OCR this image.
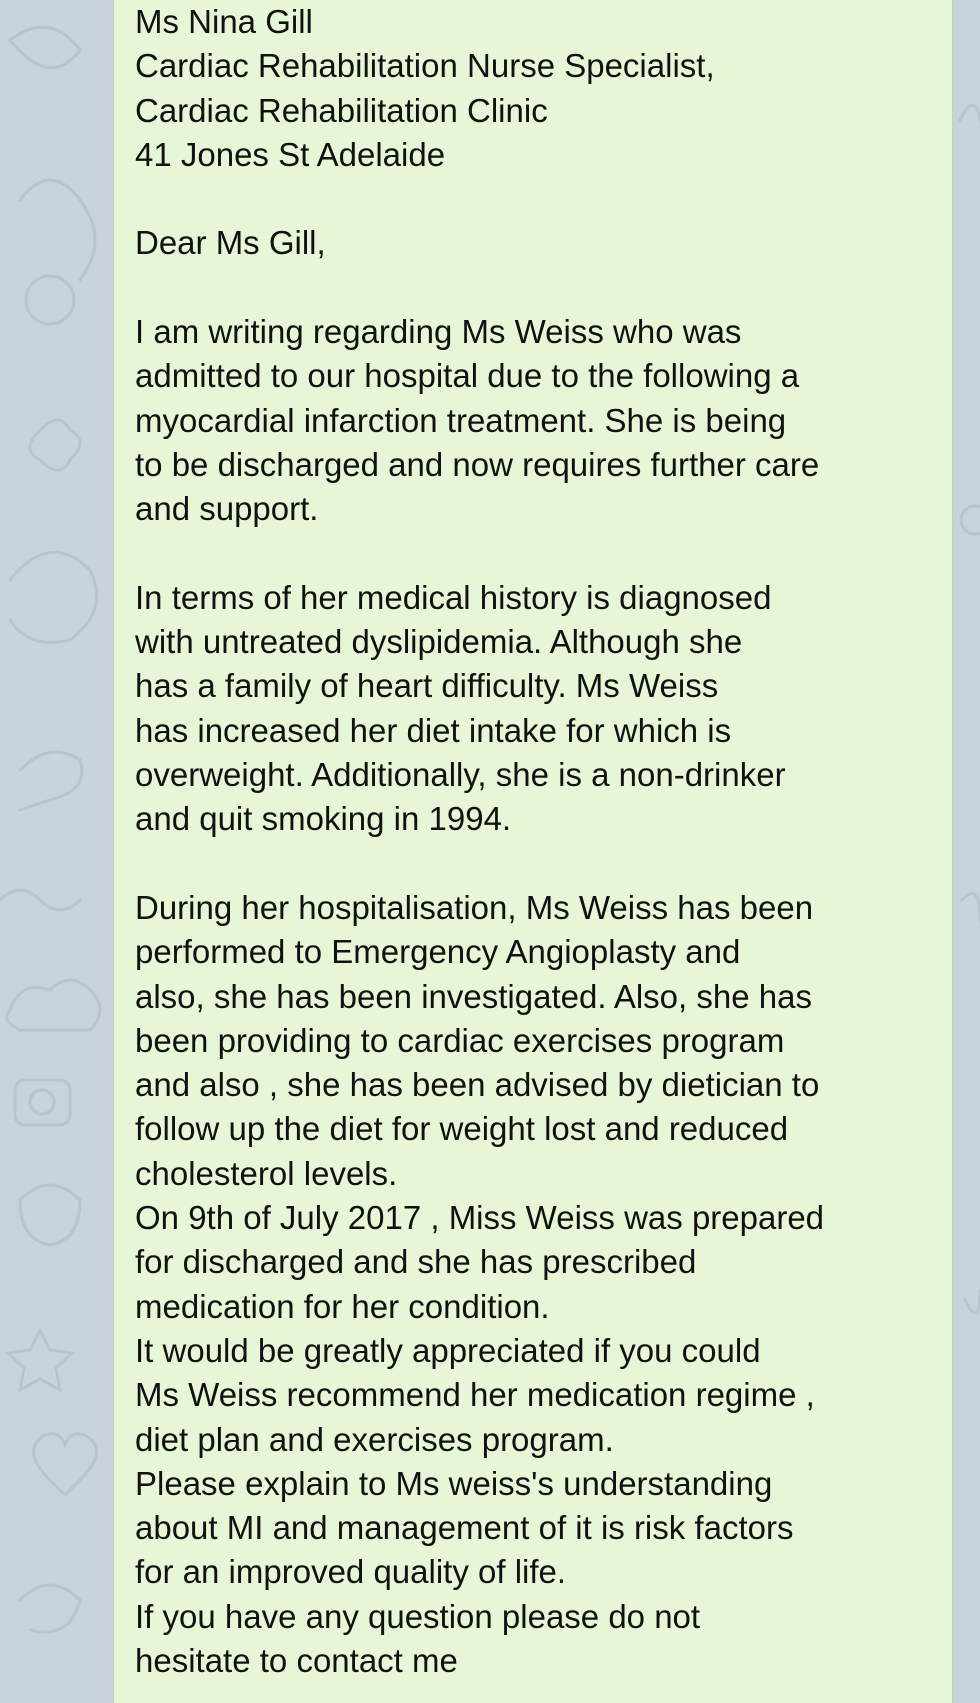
Ms Nina Gill
Cardiac Rehabilitation Nurse Specialist,
Cardiac Rehabilitation Clinic
41 Jones St Adelaide
Dear Ms Gill,
I am writing regarding Ms Weiss who was
admitted to our hospital due to the following a
myocardial infarction treatment. She is being
to be discharged and now requires further care
and support.
In terms of her medical history is diagnosed
with untreated dyslipidemia. Although she
has a family of heart difficulty. Ms Weiss
has increased her diet intake for which is
overweight. Additionally, she is a non-drinker
and quit smoking in 1994.
During her hospitalisation, Ms Weiss has been
performed to Emergency Angioplasty and
also, she has been investigated. Also, she has
been providing to cardiac exercises program
and also , she has been advised by dietician to
follow up the diet for weight lost and reduced
cholesterol levels.
On 9th of July 2017 , Miss Weiss was prepared
for discharged and she has prescribed
medication for her condition.
It would be greatly appreciated if you could
Ms Weiss recommend her medication regime ,
diet plan and exercises program.
Please explain to Ms weiss's understanding
about MI and management of it is risk factors
for an improved quality of life.
If you have any question please do not
hesitate to contact me
